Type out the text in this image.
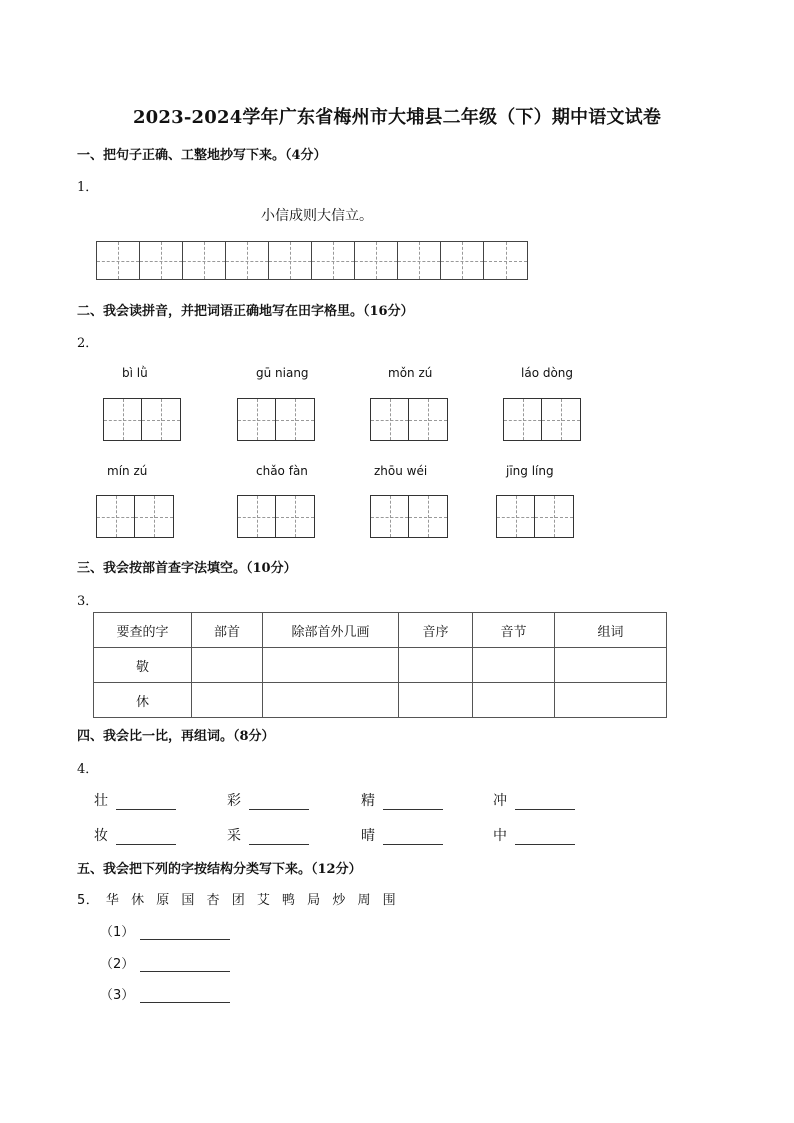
2023-2024学年广东省梅州市大埔县二年级（下）期中语文试卷
一、把句子正确、工整地抄写下来。（4分）
1．
小信成则大信立。
二、我会读拼音，并把词语正确地写在田字格里。（16分）
2．
bì lǜ	gū niang	mǒn zú	láo dòng
mín zú	chǎo fàn	zhōu wéi	jīng líng
三、我会按部首查字法填空。（10分）
3．
要查的字	部首	除部首外几画	音序	音节	组词
敬					
休					
四、我会比一比，再组词。（8分）
4．
壮	彩	精	冲
妆	采	晴	中
五、我会把下列的字按结构分类写下来。（12分）
5． 华 休 原 国 杏 团 艾 鸭 局 炒 周 围
（1）
（2）
（3）
